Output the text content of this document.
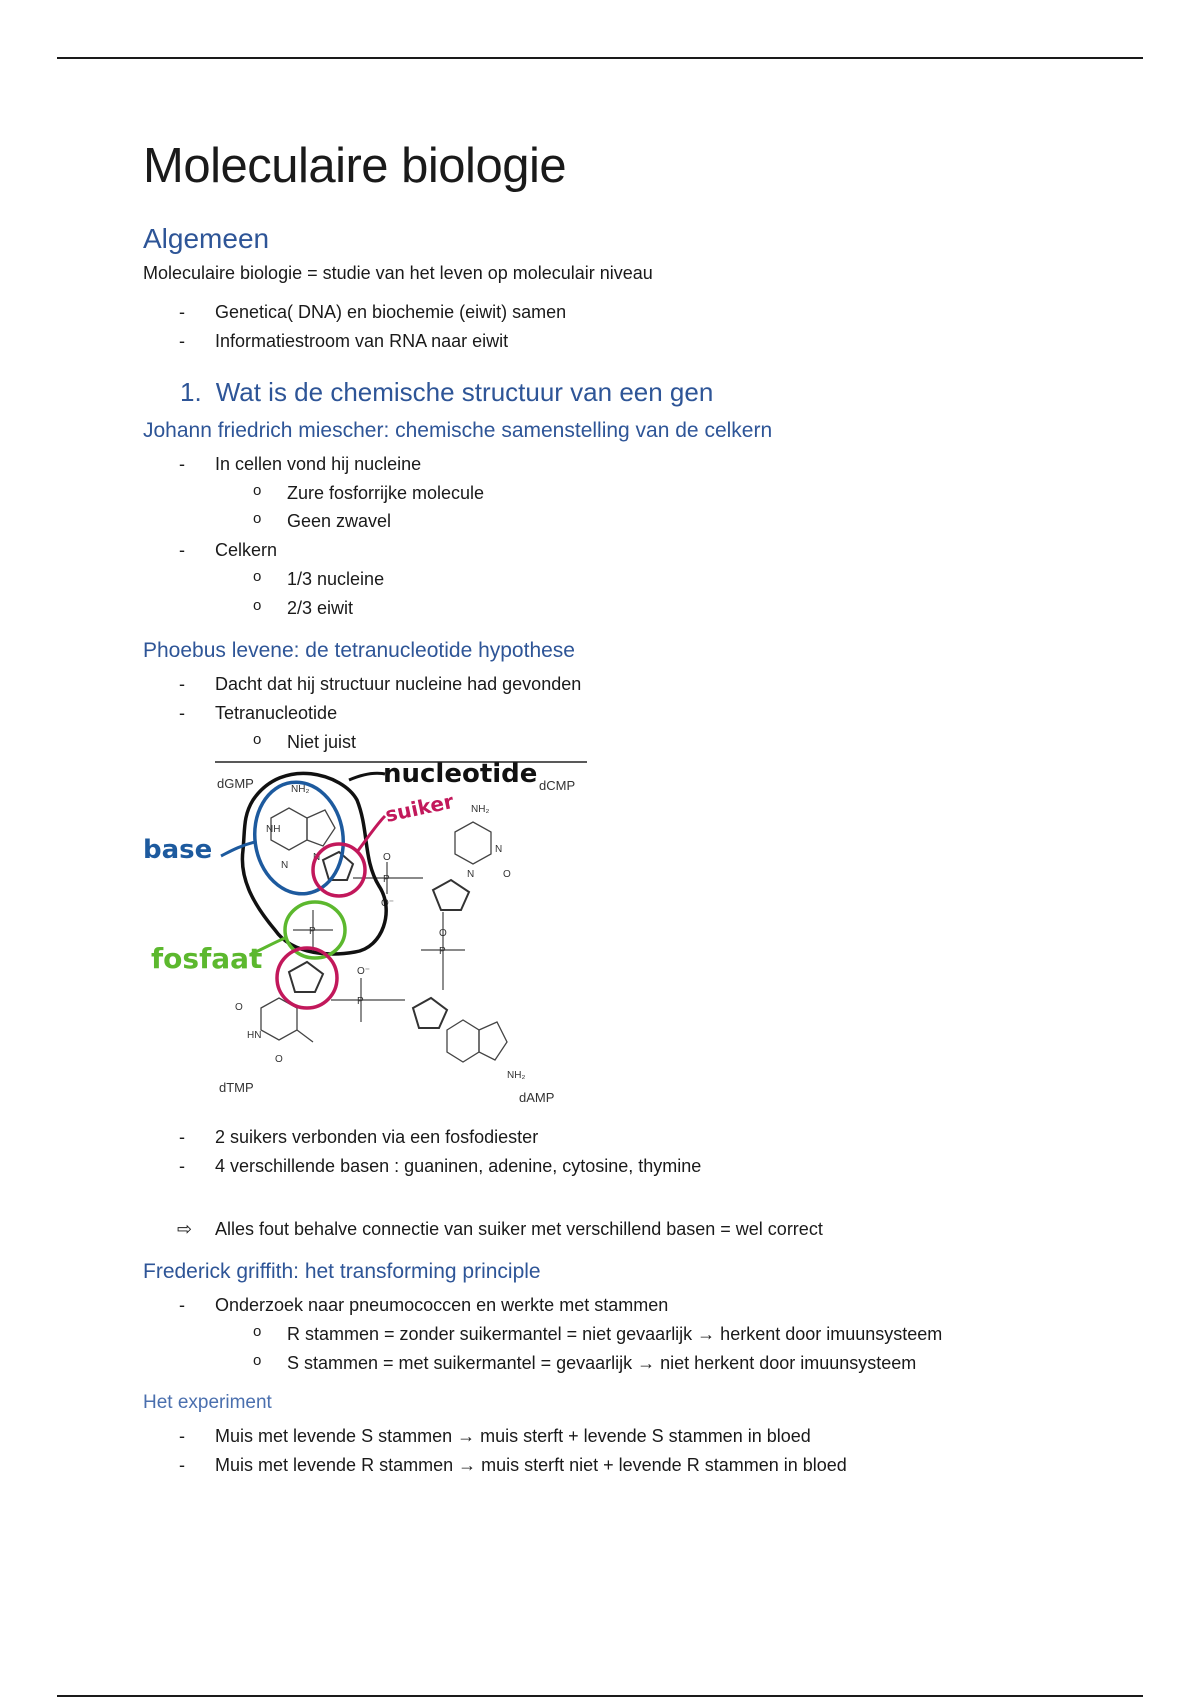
Moleculaire biologie
Algemeen

Moleculaire biologie = studie van het leven op moleculair niveau

- Genetica( DNA) en biochemie (eiwit) samen
- Informatiestroom van RNA naar eiwit
1. Wat is de chemische structuur van een gen
Johann friedrich miescher: chemische samenstelling van de celkern
- In cellen vond hij nucleine
o Zure fosforrijke molecule
o Geen zwavel
- Celkern
o 1/3 nucleine
o 2/3 eiwit
Phoebus levene: de tetranucleotide hypothese
- Dacht dat hij structuur nucleine had gevonden
- Tetranucleotide
o Niet juist
dGMP	dCMP
dTMP
dAMP
NH₂
NH
N
N
O
P
O⁻
NH₂
N
N	O
O
P
NH₂
O
HN
O
O⁻
P
P
nucleotide
base
suiker
fosfaat
- 2 suikers verbonden via een fosfodiester
- 4 verschillende basen : guaninen, adenine, cytosine, thymine
⇨ Alles fout behalve connectie van suiker met verschillend basen = wel correct
Frederick griffith: het transforming principle
- Onderzoek naar pneumococcen en werkte met stammen
o R stammen = zonder suikermantel = niet gevaarlijk → herkent door imuunsysteem
o S stammen = met suikermantel = gevaarlijk → niet herkent door imuunsysteem
Het experiment
- Muis met levende S stammen → muis sterft + levende S stammen in bloed
- Muis met levende R stammen → muis sterft niet + levende R stammen in bloed
